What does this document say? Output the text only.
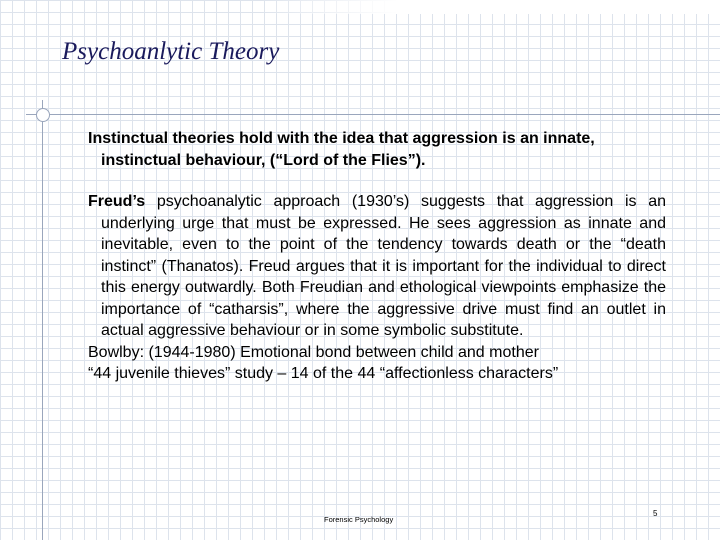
Psychoanlytic Theory

Instinctual theories hold with the idea that aggression is an innate, instinctual behaviour, (“Lord of the Flies”).

Freud’s psychoanalytic approach (1930’s) suggests that aggression is an underlying urge that must be expressed. He sees aggression as innate and inevitable, even to the point of the tendency towards death or the “death instinct” (Thanatos). Freud argues that it is important for the individual to direct this energy outwardly. Both Freudian and ethological viewpoints emphasize the importance of “catharsis”, where the aggressive drive must find an outlet in actual aggressive behaviour or in some symbolic substitute.

Bowlby: (1944-1980) Emotional bond between child and mother

“44 juvenile thieves” study – 14 of the 44 “affectionless characters”

Forensic Psychology
5
